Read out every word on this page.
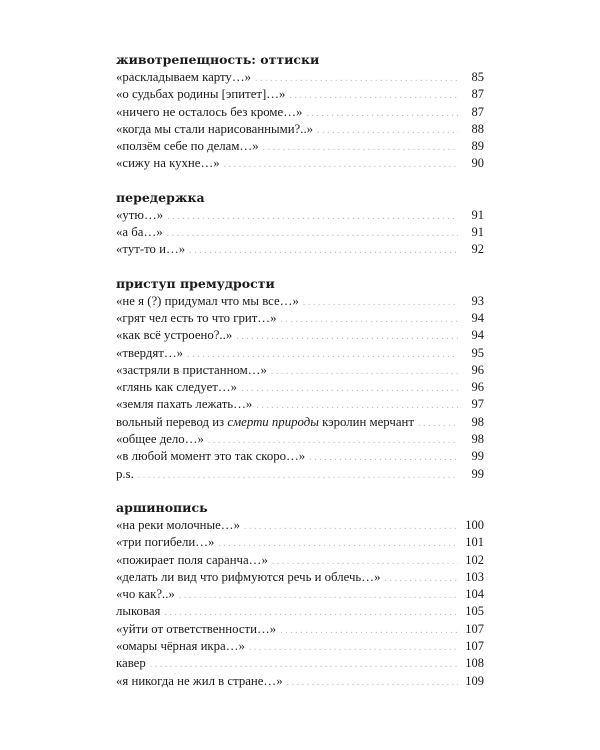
животрепещность: оттиски
«раскладываем карту…» . . .	85
«о судьбах родины [эпитет]…» . . .	87
«ничего не осталось без кроме…» . . .	87
«когда мы стали нарисованными?..» . . .	88
«ползём себе по делам…» . . .	89
«сижу на кухне…» . . .	90
передержка
«утю…» . . .	91
«а ба…» . . .	91
«тут-то и…» . . .	92
приступ премудрости
«не я (?) придумал что мы все…» . . .	93
«грят чел есть то что грит…» . . .	94
«как всё устроено?..» . . .	94
«твердят…» . . .	95
«застряли в пристанном…» . . .	96
«глянь как следует…» . . .	96
«земля пахать лежать…» . . .	97
вольный перевод из смерти природы кэролин мерчант . . .	98
«общее дело…» . . .	98
«в любой момент это так скоро…» . . .	99
p.s. . . .	99
аршинопись
«на реки молочные…» . . .	100
«три погибели…» . . .	101
«пожирает поля саранча…» . . .	102
«делать ли вид что рифмуются речь и облечь…» . . .	103
«чо как?..» . . .	104
лыковая . . .	105
«уйти от ответственности…» . . .	107
«омары чёрная икра…» . . .	107
кавер . . .	108
«я никогда не жил в стране…» . . .	109
